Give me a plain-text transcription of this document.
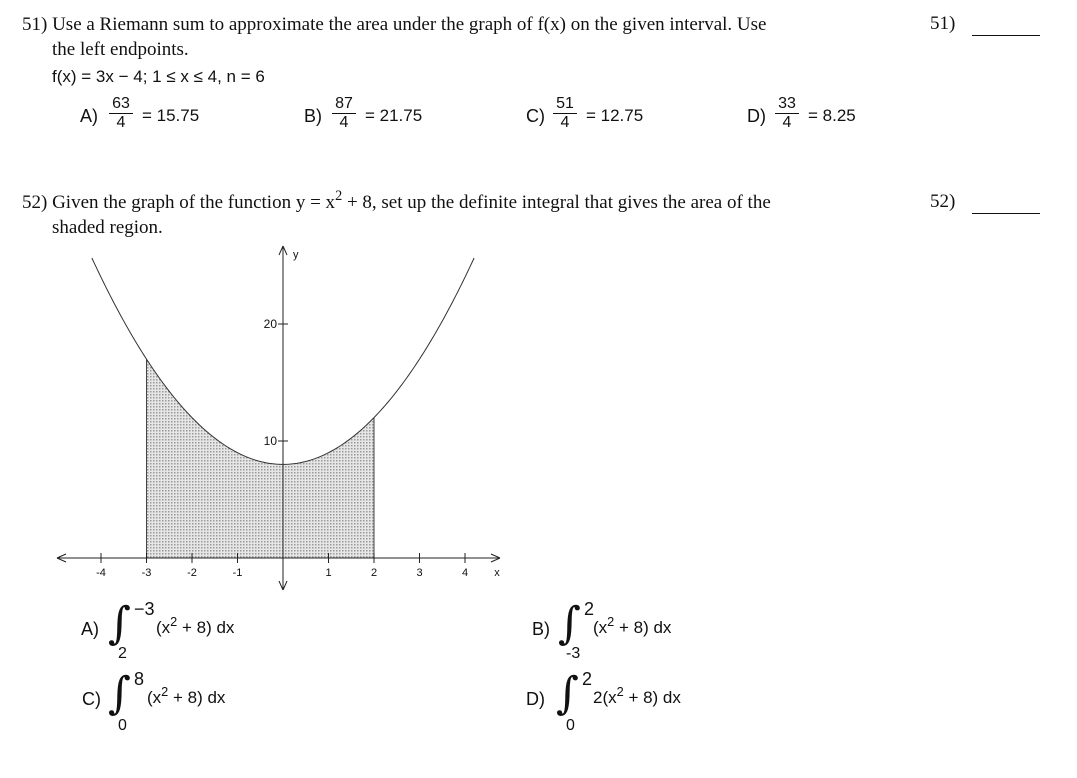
51) Use a Riemann sum to approximate the area under the graph of f(x) on the given interval. Use
the left endpoints.
f(x) = 3x − 4; 1 ≤ x ≤ 4, n = 6
51)
A)
63
4 = 15.75	B)
87
4 = 21.75	C)
51
4 = 12.75	D)
33
4 = 8.25
52) Given the graph of the function $y = x^2 + 8$, set up the definite integral that gives the area of the
shaded region.
52)
-4	-3	-2	-1	1	2	3	4
10
20
x
y
A) ∫ −3
2
$(x^2 + 8)$ dx	B) ∫ 2
-3
$(x^2 + 8)$ dx
C) ∫ 8
0
$(x^2 + 8)$ dx	D) ∫ 2
0
$2(x^2 + 8)$ dx
